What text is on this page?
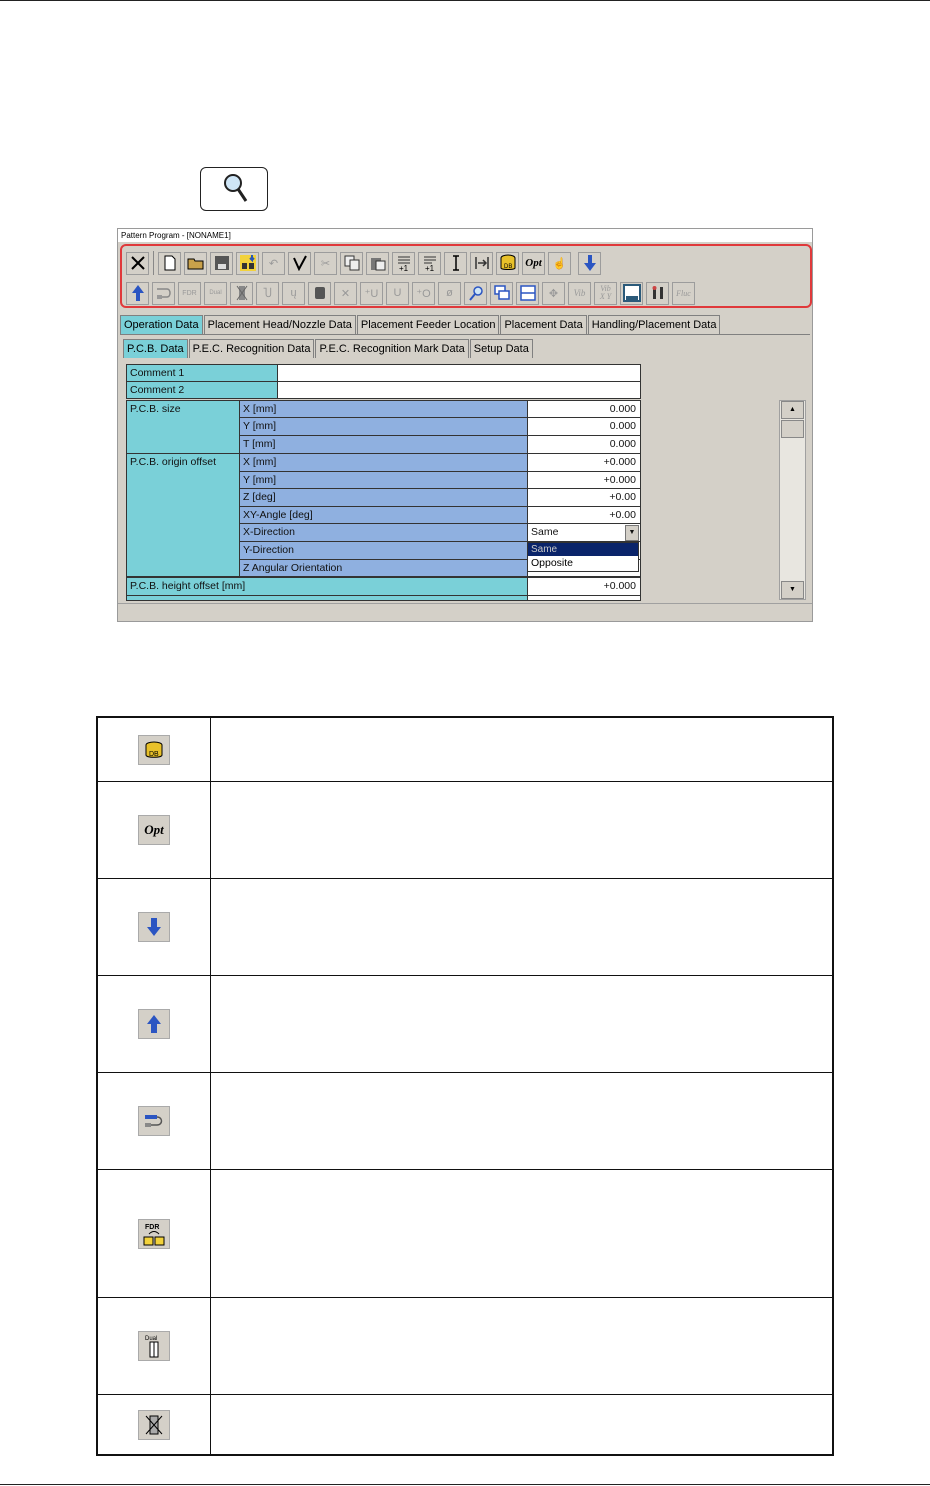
Pattern Program - [NONAME1]
↶	✂	+1 +1	DB Opt ☝
FDR Dual	Ⴎ	ų	✕	⁺U	U	⁺O	ø	✥	Vib Vib
X Y	Fluc
Operation Data Placement Head/Nozzle Data Placement Feeder Location Placement Data Handling/Placement Data
P.C.B. Data P.E.C. Recognition Data P.E.C. Recognition Mark Data Setup Data
Comment 1
Comment 2
P.C.B. size	X [mm]	0.000
Y [mm]	0.000
T [mm]	0.000
P.C.B. origin offset	X [mm]	+0.000
Y [mm]	+0.000
Z [deg]	+0.00
XY-Angle [deg]	+0.00
X-Direction	Same	▼
Y-Direction
Z Angular Orientation
Same
Opposite
P.C.B. height offset [mm]	+0.000
▲
▼
DB
Opt
FDR
Dual
